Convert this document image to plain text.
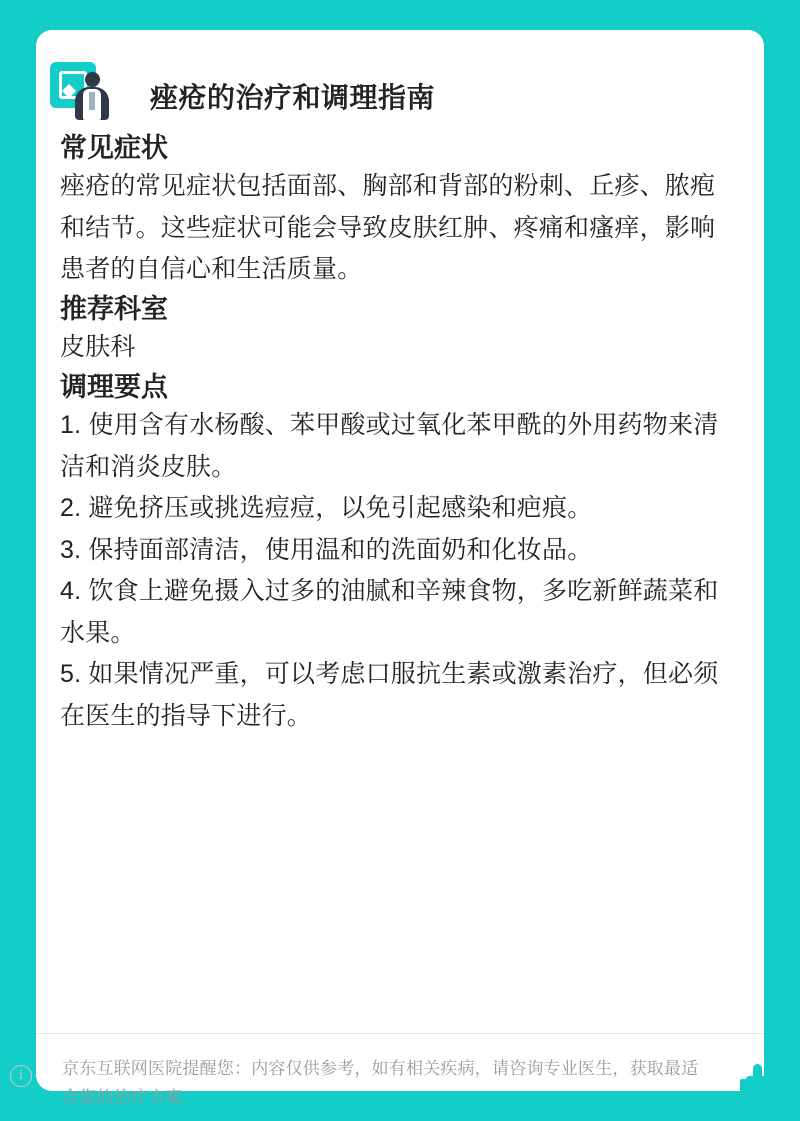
痤疮的治疗和调理指南
常见症状

痤疮的常见症状包括面部、胸部和背部的粉刺、丘疹、脓疱和结节。这些症状可能会导致皮肤红肿、疼痛和瘙痒，影响患者的自信心和生活质量。

推荐科室

皮肤科

调理要点

1. 使用含有水杨酸、苯甲酸或过氧化苯甲酰的外用药物来清洁和消炎皮肤。

2. 避免挤压或挑选痘痘，以免引起感染和疤痕。

3. 保持面部清洁，使用温和的洗面奶和化妆品。

4. 饮食上避免摄入过多的油腻和辛辣食物，多吃新鲜蔬菜和水果。

5. 如果情况严重，可以考虑口服抗生素或激素治疗，但必须在医生的指导下进行。

i	京东互联网医院提醒您：内容仅供参考，如有相关疾病，请咨询专业医生，获取最适合您的治疗方案
